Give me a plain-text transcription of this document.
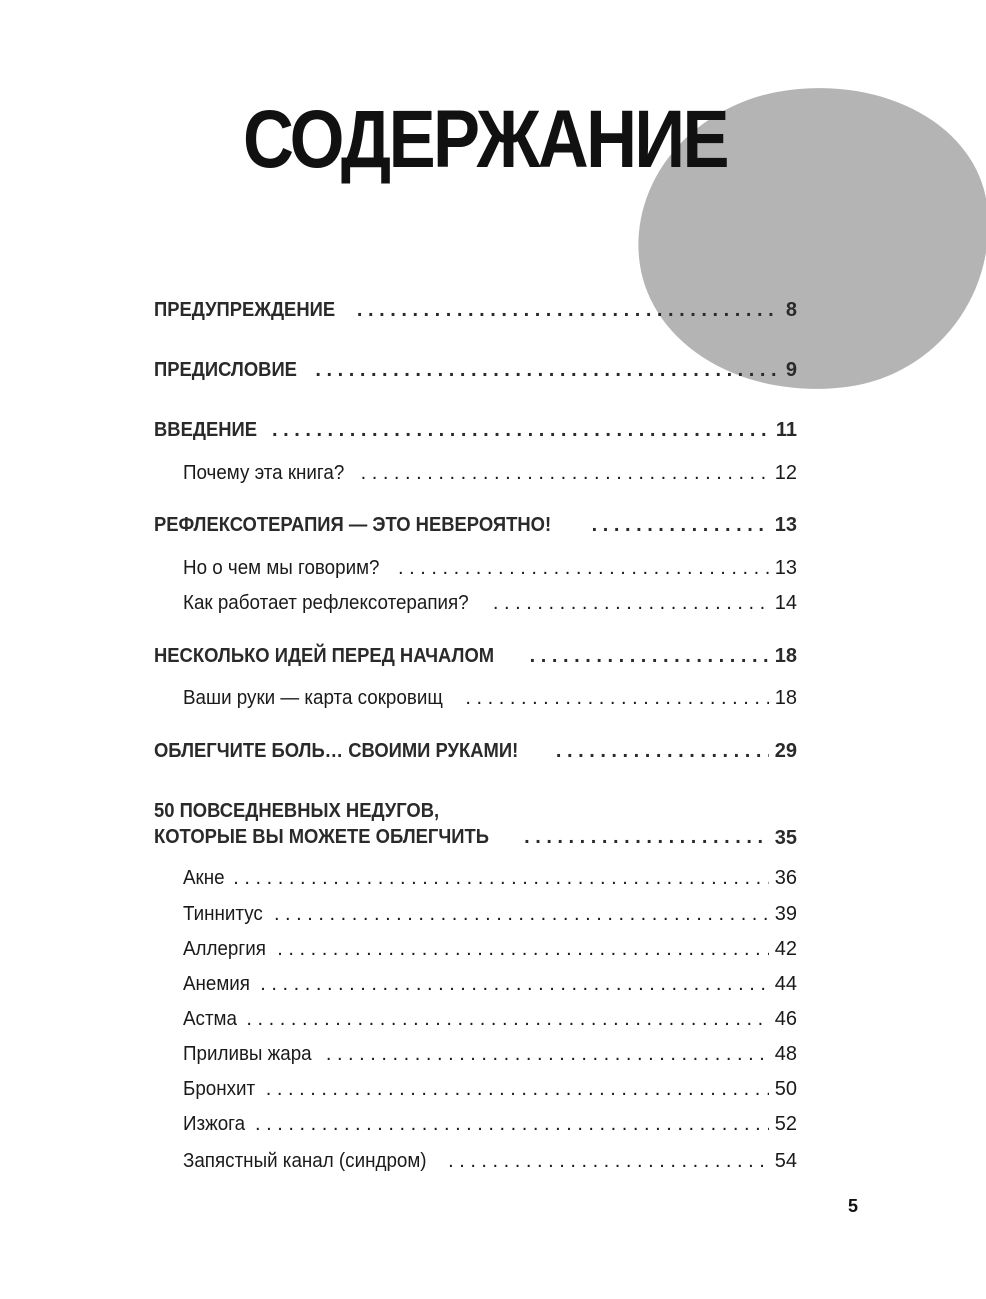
СОДЕРЖАНИЕ
ПРЕДУПРЕЖДЕНИЕ . . .	8
ПРЕДИСЛОВИЕ . . .	9
ВВЕДЕНИЕ . . .	11
Почему эта книга? . . .	12
РЕФЛЕКСОТЕРАПИЯ — ЭТО НЕВЕРОЯТНО! . . .	13
Но о чем мы говорим? . . .	13
Как работает рефлексотерапия? . . .	14
НЕСКОЛЬКО ИДЕЙ ПЕРЕД НАЧАЛОМ . . .	18
Ваши руки — карта сокровищ . . .	18
ОБЛЕГЧИТЕ БОЛЬ… СВОИМИ РУКАМИ! . . .	29
50 ПОВСЕДНЕВНЫХ НЕДУГОВ,
КОТОРЫЕ ВЫ МОЖЕТЕ ОБЛЕГЧИТЬ . . .	35
Акне . . .	36
Тиннитус . . .	39
Аллергия . . .	42
Анемия . . .	44
Астма . . .	46
Приливы жара . . .	48
Бронхит . . .	50
Изжога . . .	52
Запястный канал (синдром) . . .	54
5
